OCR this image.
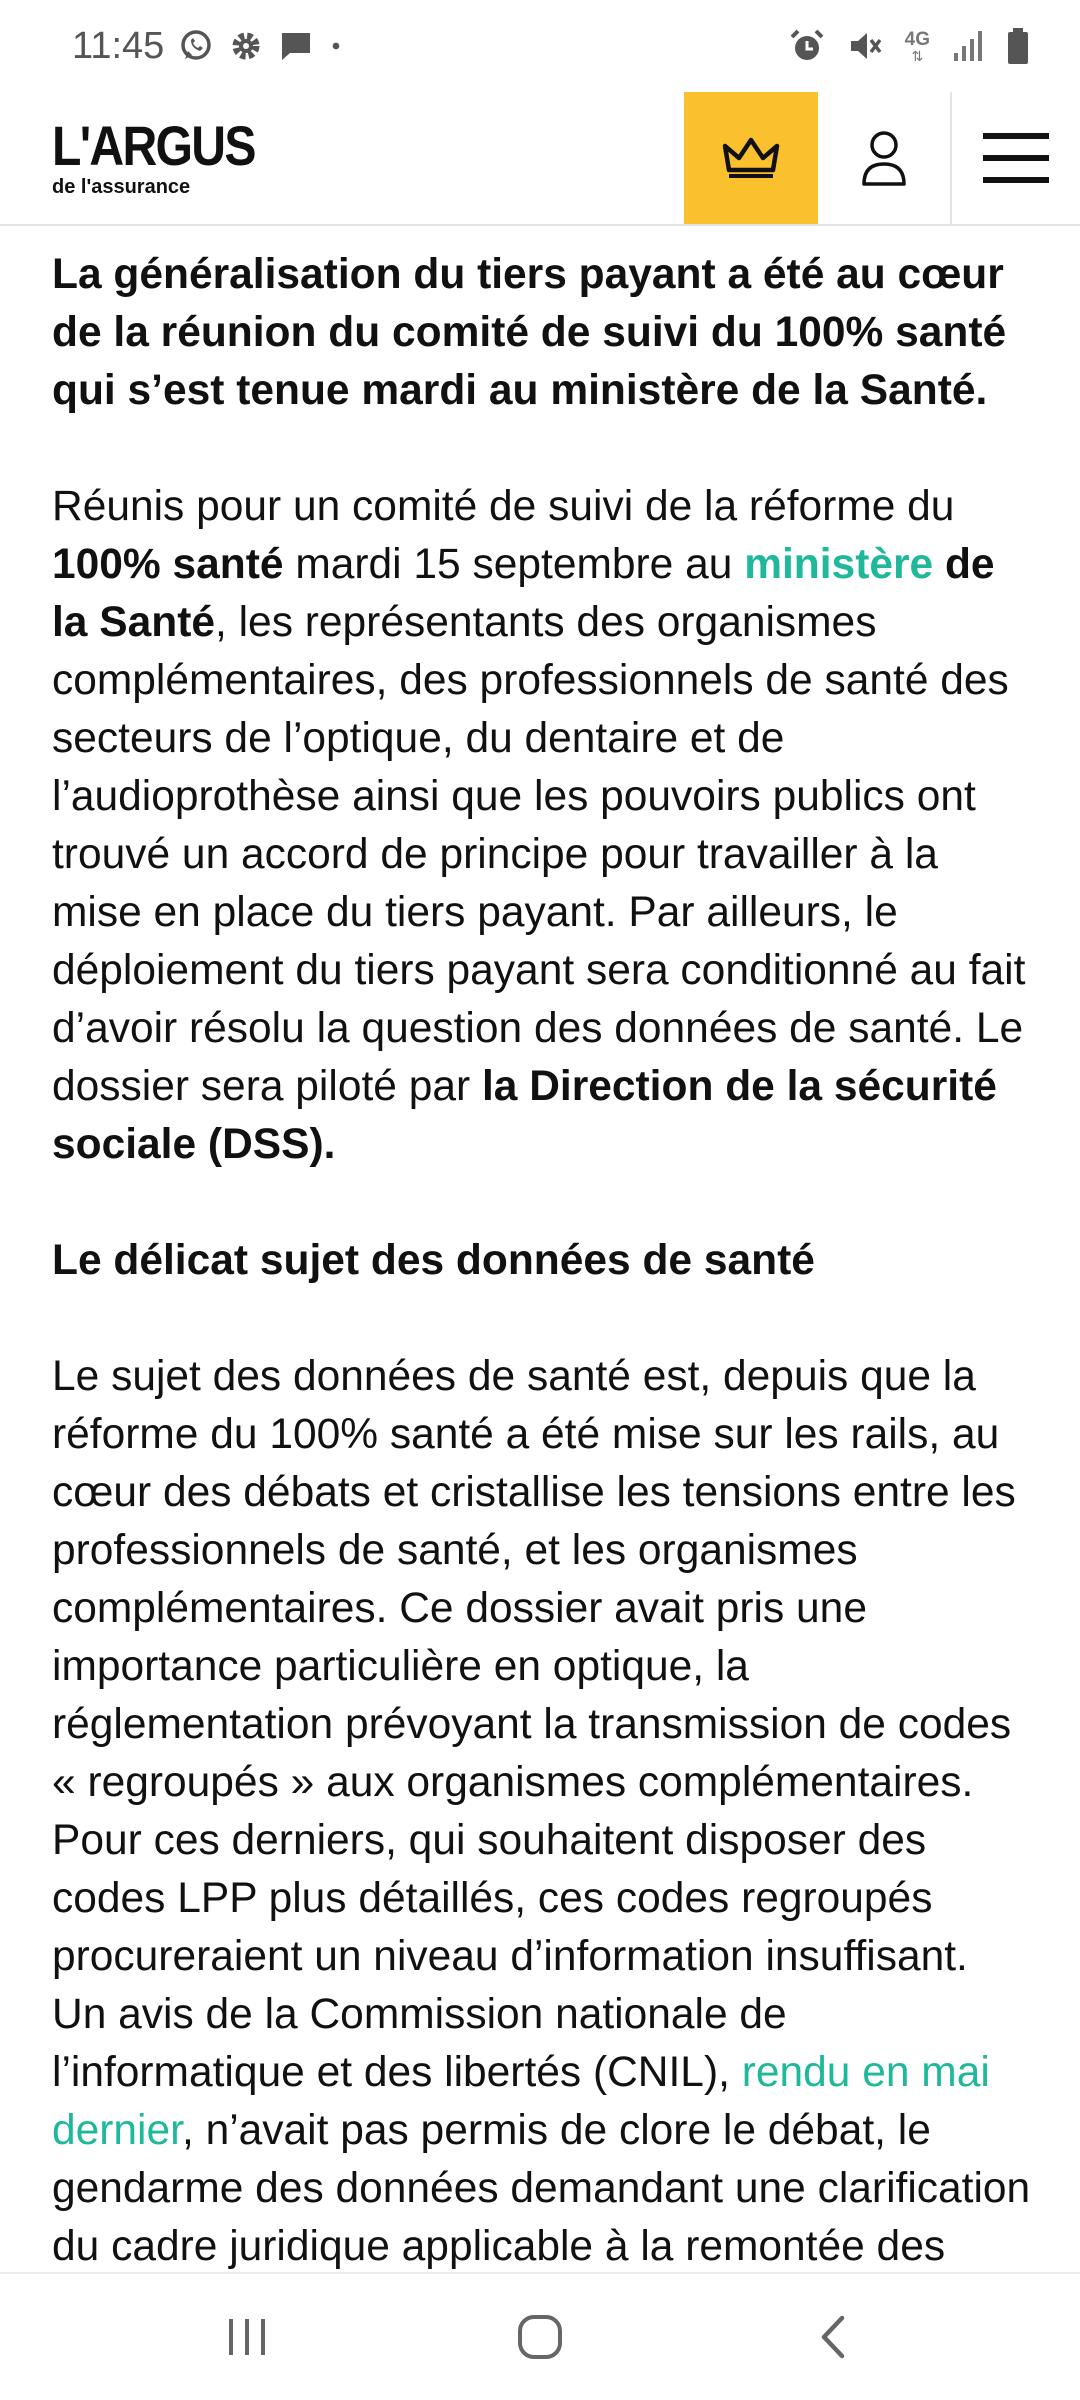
11:45	4G
⇅
L'ARGUS
de l'assurance

La généralisation du tiers payant a été au cœur de la réunion du comité de suivi du 100% santé qui s’est tenue mardi au ministère de la Santé.

Réunis pour un comité de suivi de la réforme du 100% santé mardi 15 septembre au ministère de la Santé, les représentants des organismes complémentaires, des professionnels de santé des secteurs de l’optique, du dentaire et de l’audioprothèse ainsi que les pouvoirs publics ont trouvé un accord de principe pour travailler à la mise en place du tiers payant. Par ailleurs, le déploiement du tiers payant sera conditionné au fait d’avoir résolu la question des données de santé. Le dossier sera piloté par la Direction de la sécurité sociale (DSS).

Le délicat sujet des données de santé

Le sujet des données de santé est, depuis que la réforme du 100% santé a été mise sur les rails, au cœur des débats et cristallise les tensions entre les professionnels de santé, et les organismes complémentaires. Ce dossier avait pris une importance particulière en optique, la réglementation prévoyant la transmission de codes « regroupés » aux organismes complémentaires. Pour ces derniers, qui souhaitent disposer des codes LPP plus détaillés, ces codes regroupés procureraient un niveau d’information insuffisant. Un avis de la Commission nationale de l’informatique et des libertés (CNIL), rendu en mai dernier, n’avait pas permis de clore le débat, le gendarme des données demandant une clarification du cadre juridique applicable à la remontée des
